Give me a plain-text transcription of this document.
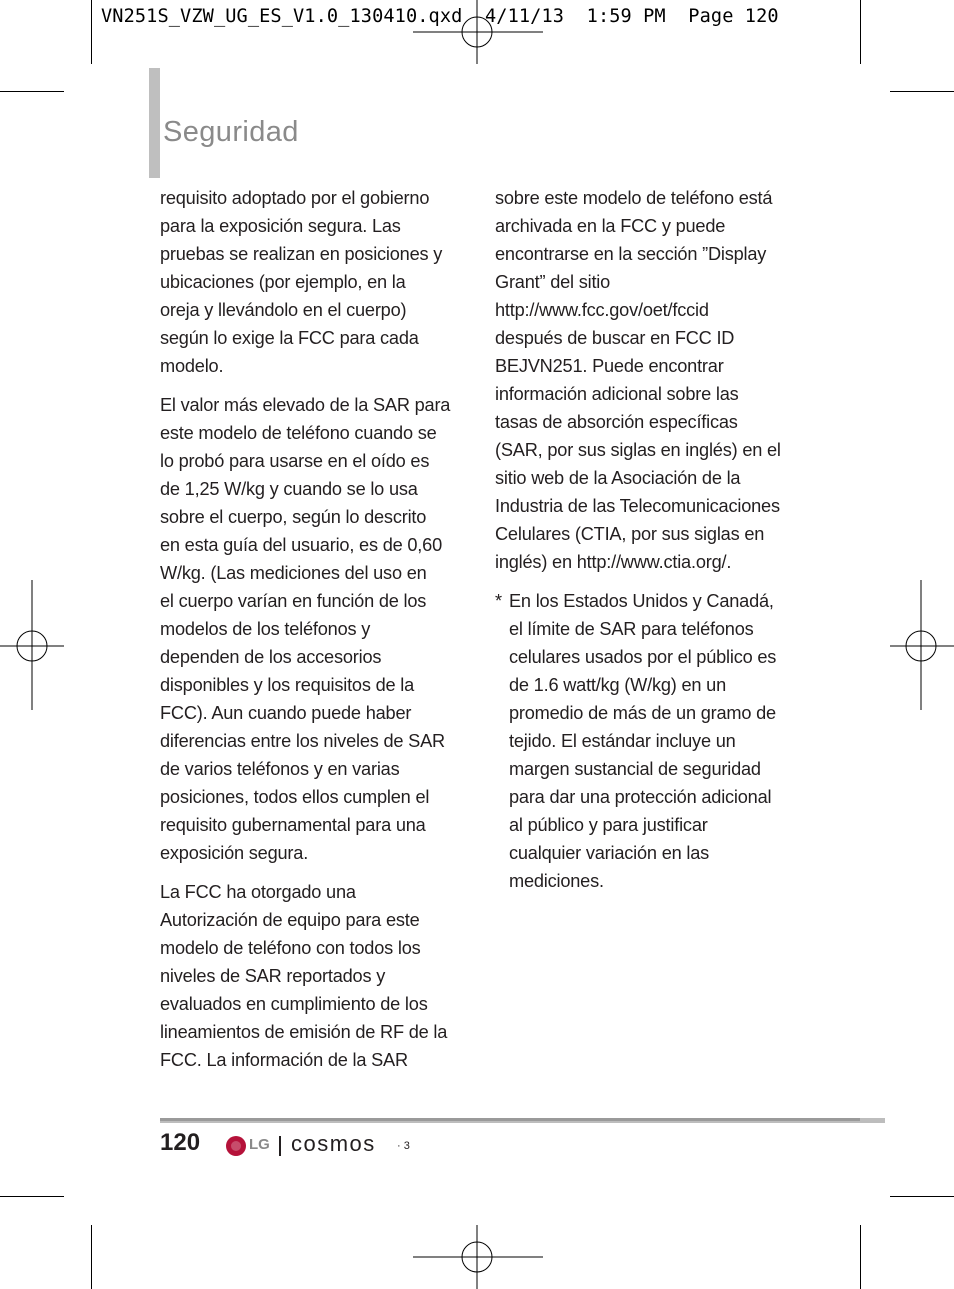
VN251S_VZW_UG_ES_V1.0_130410.qxd  4/11/13  1:59 PM  Page 120
Seguridad

requisito adoptado por el gobierno
para la exposición segura. Las
pruebas se realizan en posiciones y
ubicaciones (por ejemplo, en la
oreja y llevándolo en el cuerpo)
según lo exige la FCC para cada
modelo.

El valor más elevado de la SAR para
este modelo de teléfono cuando se
lo probó para usarse en el oído es
de 1,25 W/kg y cuando se lo usa
sobre el cuerpo, según lo descrito
en esta guía del usuario, es de 0,60
W/kg. (Las mediciones del uso en
el cuerpo varían en función de los
modelos de los teléfonos y
dependen de los accesorios
disponibles y los requisitos de la
FCC). Aun cuando puede haber
diferencias entre los niveles de SAR
de varios teléfonos y en varias
posiciones, todos ellos cumplen el
requisito gubernamental para una
exposición segura.

La FCC ha otorgado una
Autorización de equipo para este
modelo de teléfono con todos los
niveles de SAR reportados y
evaluados en cumplimiento de los
lineamientos de emisión de RF de la
FCC. La información de la SAR

sobre este modelo de teléfono está
archivada en la FCC y puede
encontrarse en la sección ”Display
Grant” del sitio
http://www.fcc.gov/oet/fccid
después de buscar en FCC ID
BEJVN251. Puede encontrar
información adicional sobre las
tasas de absorción específicas
(SAR, por sus siglas en inglés) en el
sitio web de la Asociación de la
Industria de las Telecomunicaciones
Celulares (CTIA, por sus siglas en
inglés) en http://www.ctia.org/.

* En los Estados Unidos y Canadá,
el límite de SAR para teléfonos
celulares usados por el público es
de 1.6 watt/kg (W/kg) en un
promedio de más de un gramo de
tejido. El estándar incluye un
margen sustancial de seguridad
para dar una protección adicional
al público y para justificar
cualquier variación en las
mediciones.

120	LG cosmos · 3
